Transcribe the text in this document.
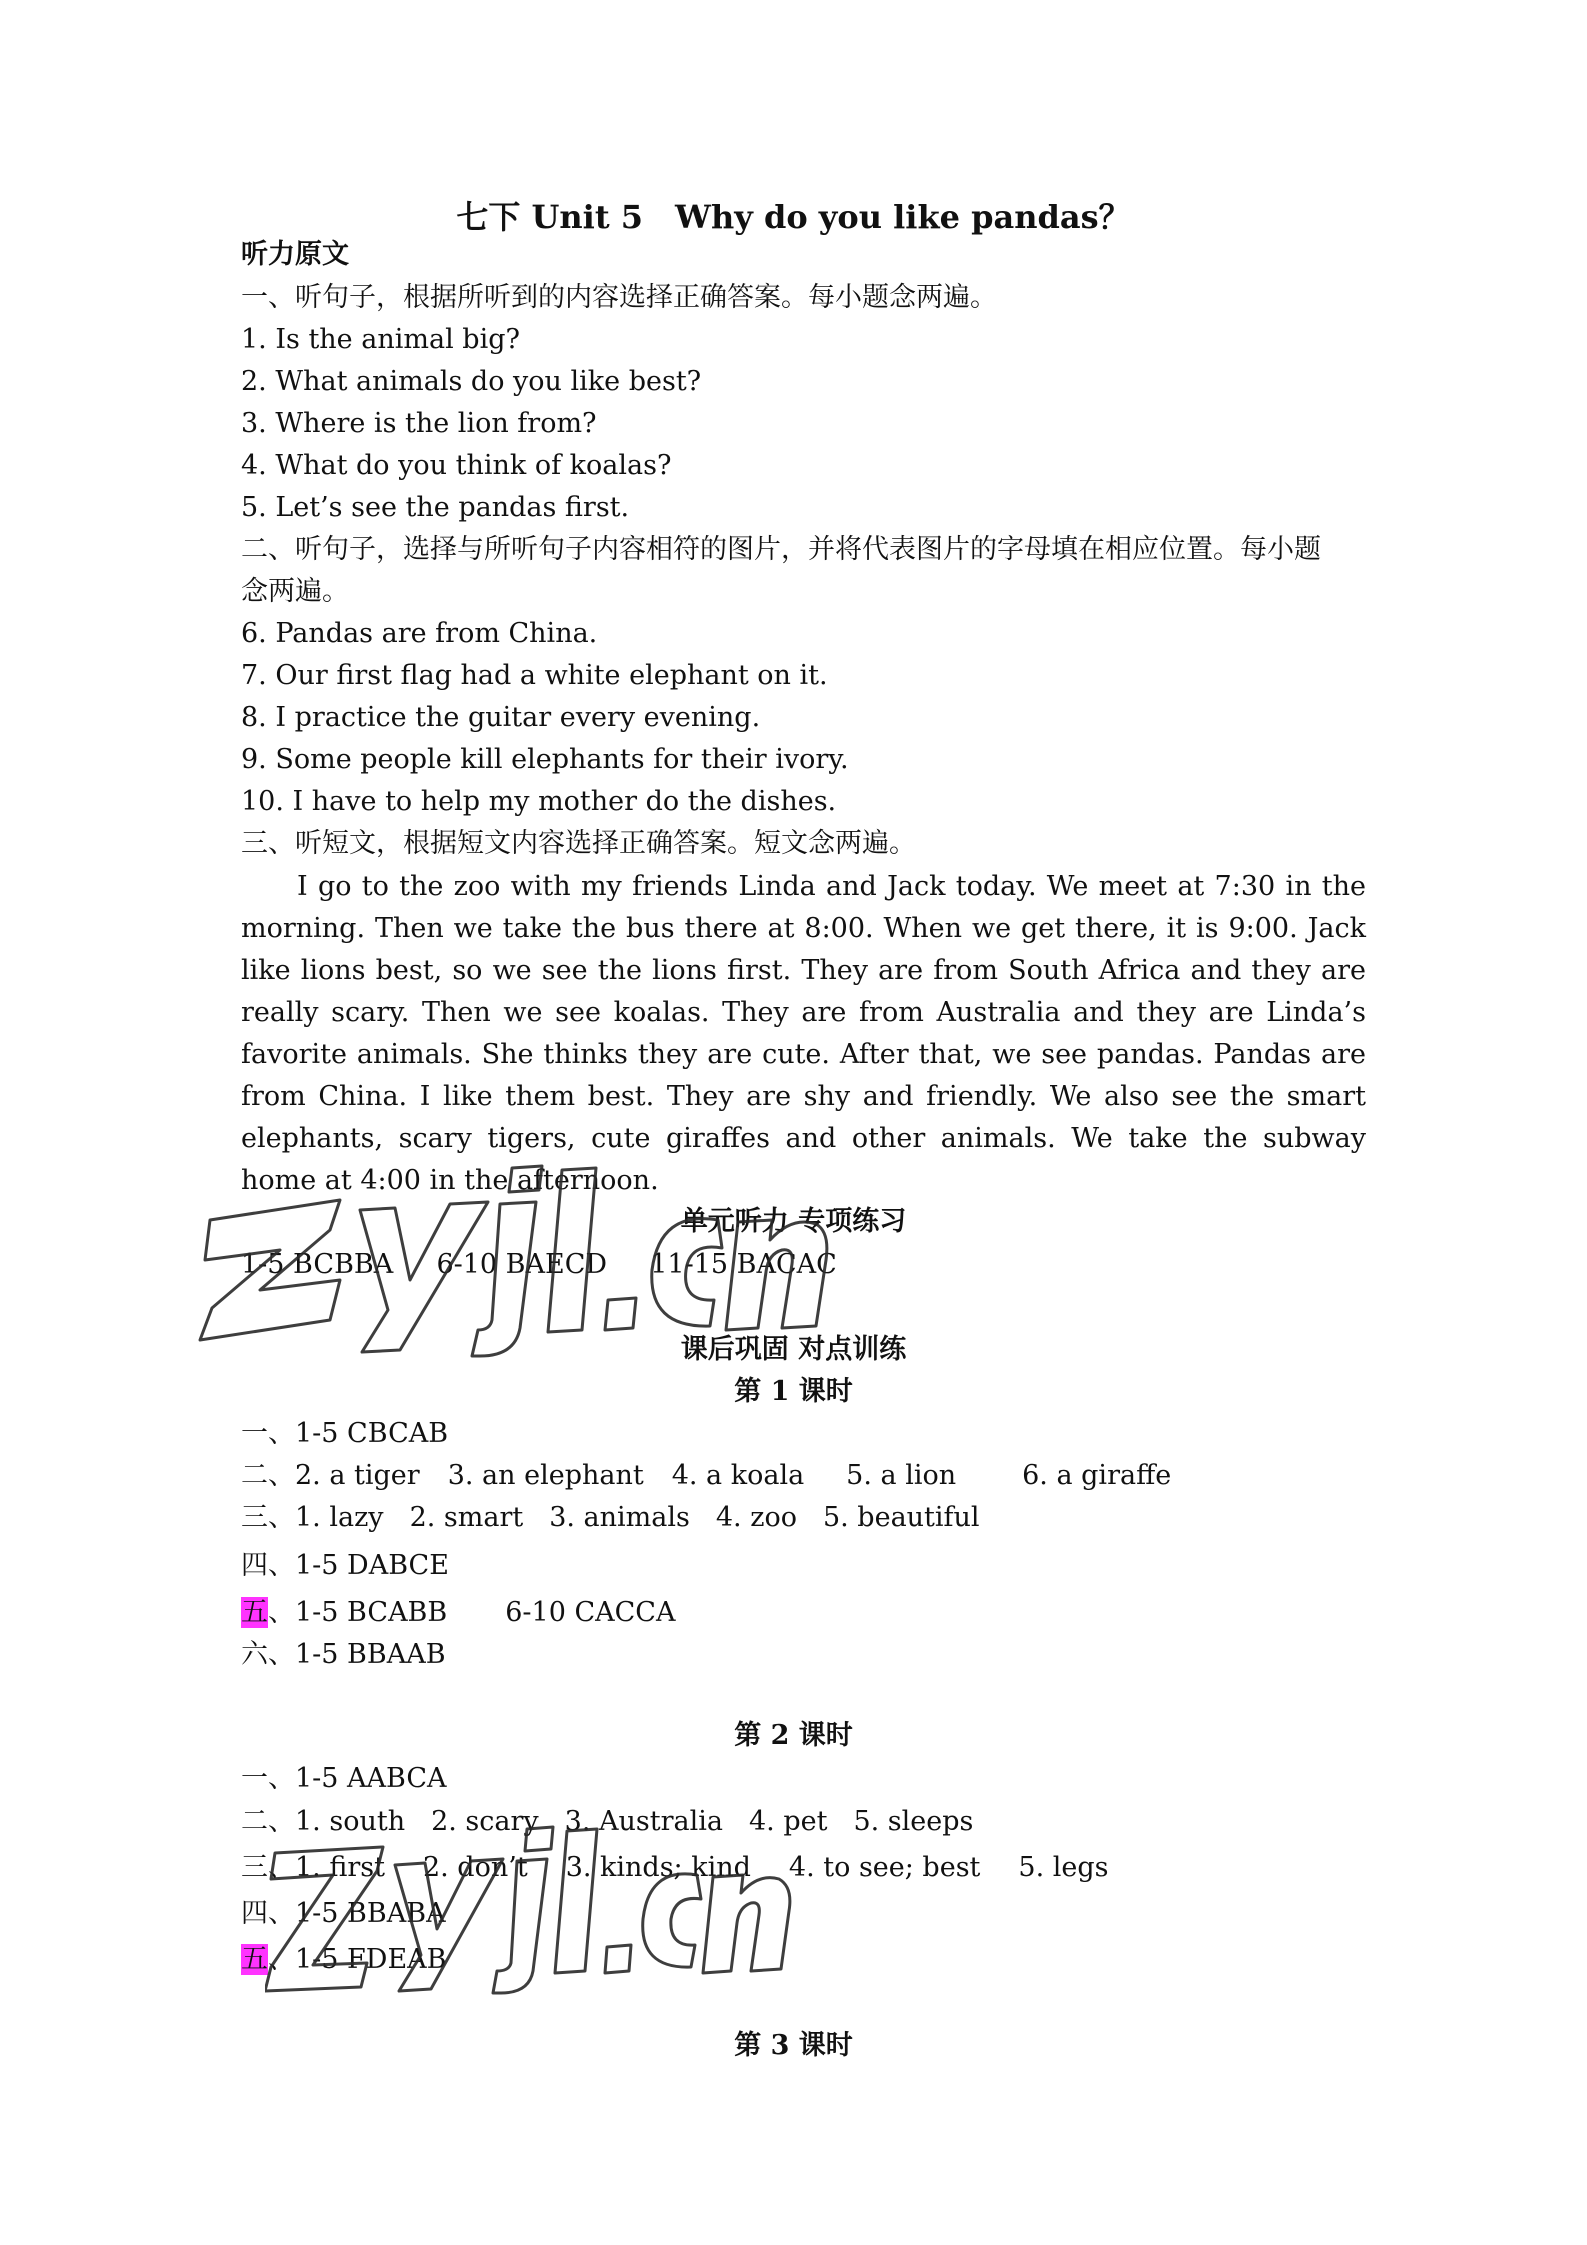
七下 Unit 5　Why do you like pandas？
听力原文
一、听句子，根据所听到的内容选择正确答案。每小题念两遍。
1. Is the animal big?
2. What animals do you like best?
3. Where is the lion from?
4. What do you think of koalas?
5. Let’s see the pandas first.
二、听句子，选择与所听句子内容相符的图片，并将代表图片的字母填在相应位置。每小题
念两遍。
6. Pandas are from China.
7. Our first flag had a white elephant on it.
8. I practice the guitar every evening.
9. Some people kill elephants for their ivory.
10. I have to help my mother do the dishes.
三、听短文，根据短文内容选择正确答案。短文念两遍。
I go to the zoo with my friends Linda and Jack today. We meet at 7:30 in the morning. Then we take the bus there at 8:00. When we get there, it is 9:00. Jack like lions best, so we see the lions first. They are from South Africa and they are really scary. Then we see koalas. They are from Australia and they are Linda’s favorite animals. She thinks they are cute. After that, we see pandas. Pandas are from China. I like them best. They are shy and friendly. We also see the smart elephants, scary tigers, cute giraffes and other animals. We take the subway home at 4:00 in the afternoon.
单元听力 专项练习
1-5 BCBBA 6-10 BAECD 11-15 BACAC
课后巩固 对点训练
第 1 课时
一、1-5 CBCAB
二、2. a tiger 3. an elephant 4. a koala 5. a lion 6. a giraffe
三、1. lazy 2. smart 3. animals 4. zoo 5. beautiful
四、1-5 DABCE
五、1-5 BCABB 6-10 CACCA
六、1-5 BBAAB
第 2 课时
一、1-5 AABCA
二、1. south 2. scary 3. Australia 4. pet 5. sleeps
三、1. first 2. don’t 3. kinds; kind 4. to see; best 5. legs
四、1-5 BBABA
五、1-5 FDEAB
第 3 课时
